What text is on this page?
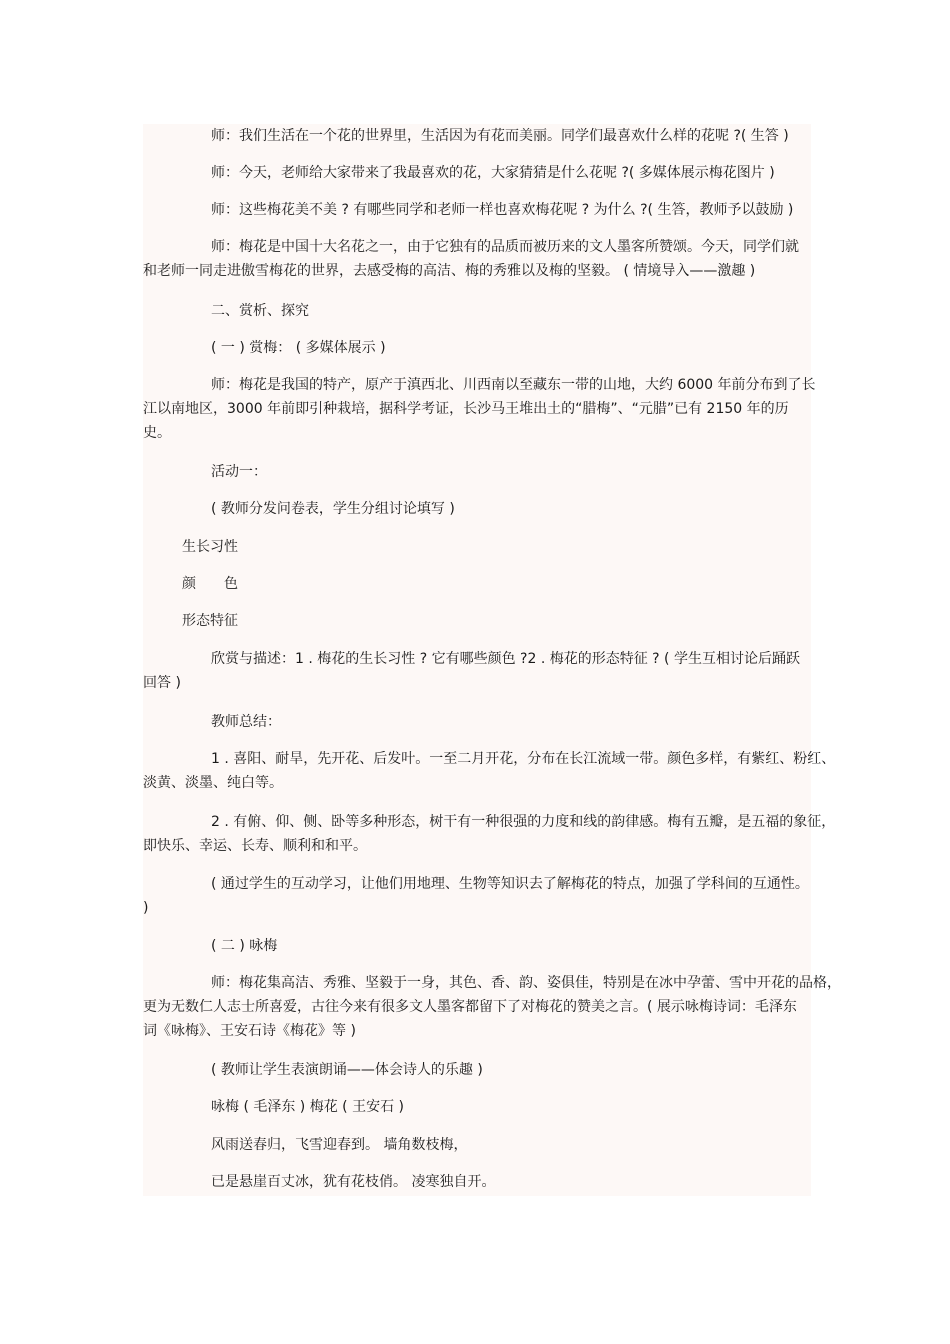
师：我们生活在一个花的世界里，生活因为有花而美丽。同学们最喜欢什么样的花呢 ?( 生答 )
师：今天，老师给大家带来了我最喜欢的花，大家猜猜是什么花呢 ?( 多媒体展示梅花图片 )
师：这些梅花美不美 ? 有哪些同学和老师一样也喜欢梅花呢 ? 为什么 ?( 生答，教师予以鼓励 )
师：梅花是中国十大名花之一，由于它独有的品质而被历来的文人墨客所赞颂。今天，同学们就
和老师一同走进傲雪梅花的世界，去感受梅的高洁、梅的秀雅以及梅的坚毅。 ( 情境导入——激趣 )
二、赏析、探究
( 一 ) 赏梅： ( 多媒体展示 )
师：梅花是我国的特产，原产于滇西北、川西南以至藏东一带的山地，大约 6000 年前分布到了长
江以南地区，3000 年前即引种栽培，据科学考证，长沙马王堆出土的“腊梅”、“元腊”已有 2150 年的历
史。
活动一：
( 教师分发问卷表，学生分组讨论填写 )
生长习性
颜 色
形态特征
欣赏与描述：1 . 梅花的生长习性 ? 它有哪些颜色 ?2 . 梅花的形态特征 ? ( 学生互相讨论后踊跃
回答 )
教师总结：
1 . 喜阳、耐旱，先开花、后发叶。一至二月开花，分布在长江流域一带。颜色多样，有紫红、粉红、
淡黄、淡墨、纯白等。
2 . 有俯、仰、侧、卧等多种形态，树干有一种很强的力度和线的韵律感。梅有五瓣，是五福的象征，
即快乐、幸运、长寿、顺利和和平。
( 通过学生的互动学习，让他们用地理、生物等知识去了解梅花的特点，加强了学科间的互通性。
)
( 二 ) 咏梅
师：梅花集高洁、秀雅、坚毅于一身，其色、香、韵、姿俱佳，特别是在冰中孕蕾、雪中开花的品格，
更为无数仁人志士所喜爱，古往今来有很多文人墨客都留下了对梅花的赞美之言。( 展示咏梅诗词：毛泽东
词《咏梅》、王安石诗《梅花》等 )
( 教师让学生表演朗诵——体会诗人的乐趣 )
咏梅 ( 毛泽东 ) 梅花 ( 王安石 )
风雨送春归，飞雪迎春到。 墙角数枝梅，
已是悬崖百丈冰，犹有花枝俏。 凌寒独自开。
